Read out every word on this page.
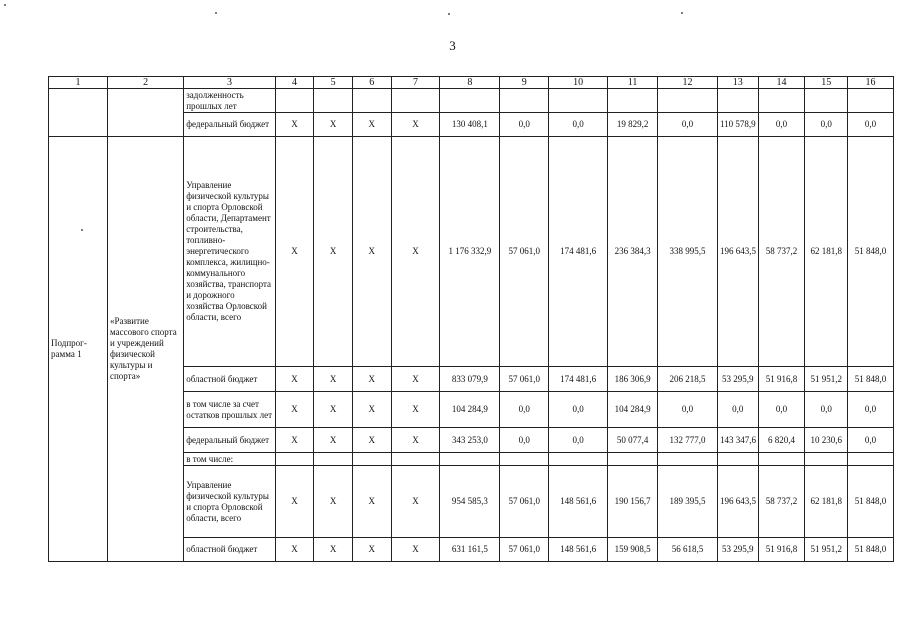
3
1	2	3	4	5	6	7	8	9	10	11	12	13	14	15	16
		задолженность прошлых лет													
		федеральный бюджет	Х	Х	Х	Х	130 408,1	0,0	0,0	19 829,2	0,0	110 578,9	0,0	0,0	0,0
Подпрог-рамма 1	«Развитие массового спорта и учреждений физической культуры и спорта»	Управление физической культуры и спорта Орловской области, Департамент строительства, топливно-энергетического комплекса, жилищно-коммунального хозяйства, транспорта и дорожного хозяйства Орловской области, всего	Х	Х	Х	Х	1 176 332,9	57 061,0	174 481,6	236 384,3	338 995,5	196 643,5	58 737,2	62 181,8	51 848,0
		областной бюджет	Х	Х	Х	Х	833 079,9	57 061,0	174 481,6	186 306,9	206 218,5	53 295,9	51 916,8	51 951,2	51 848,0
		в том числе за счет остатков прошлых лет	Х	Х	Х	Х	104 284,9	0,0	0,0	104 284,9	0,0	0,0	0,0	0,0	0,0
		федеральный бюджет	Х	Х	Х	Х	343 253,0	0,0	0,0	50 077,4	132 777,0	143 347,6	6 820,4	10 230,6	0,0
		в том числе:													
		Управление физической культуры и спорта Орловской области, всего	Х	Х	Х	Х	954 585,3	57 061,0	148 561,6	190 156,7	189 395,5	196 643,5	58 737,2	62 181,8	51 848,0
		областной бюджет	Х	Х	Х	Х	631 161,5	57 061,0	148 561,6	159 908,5	56 618,5	53 295,9	51 916,8	51 951,2	51 848,0
